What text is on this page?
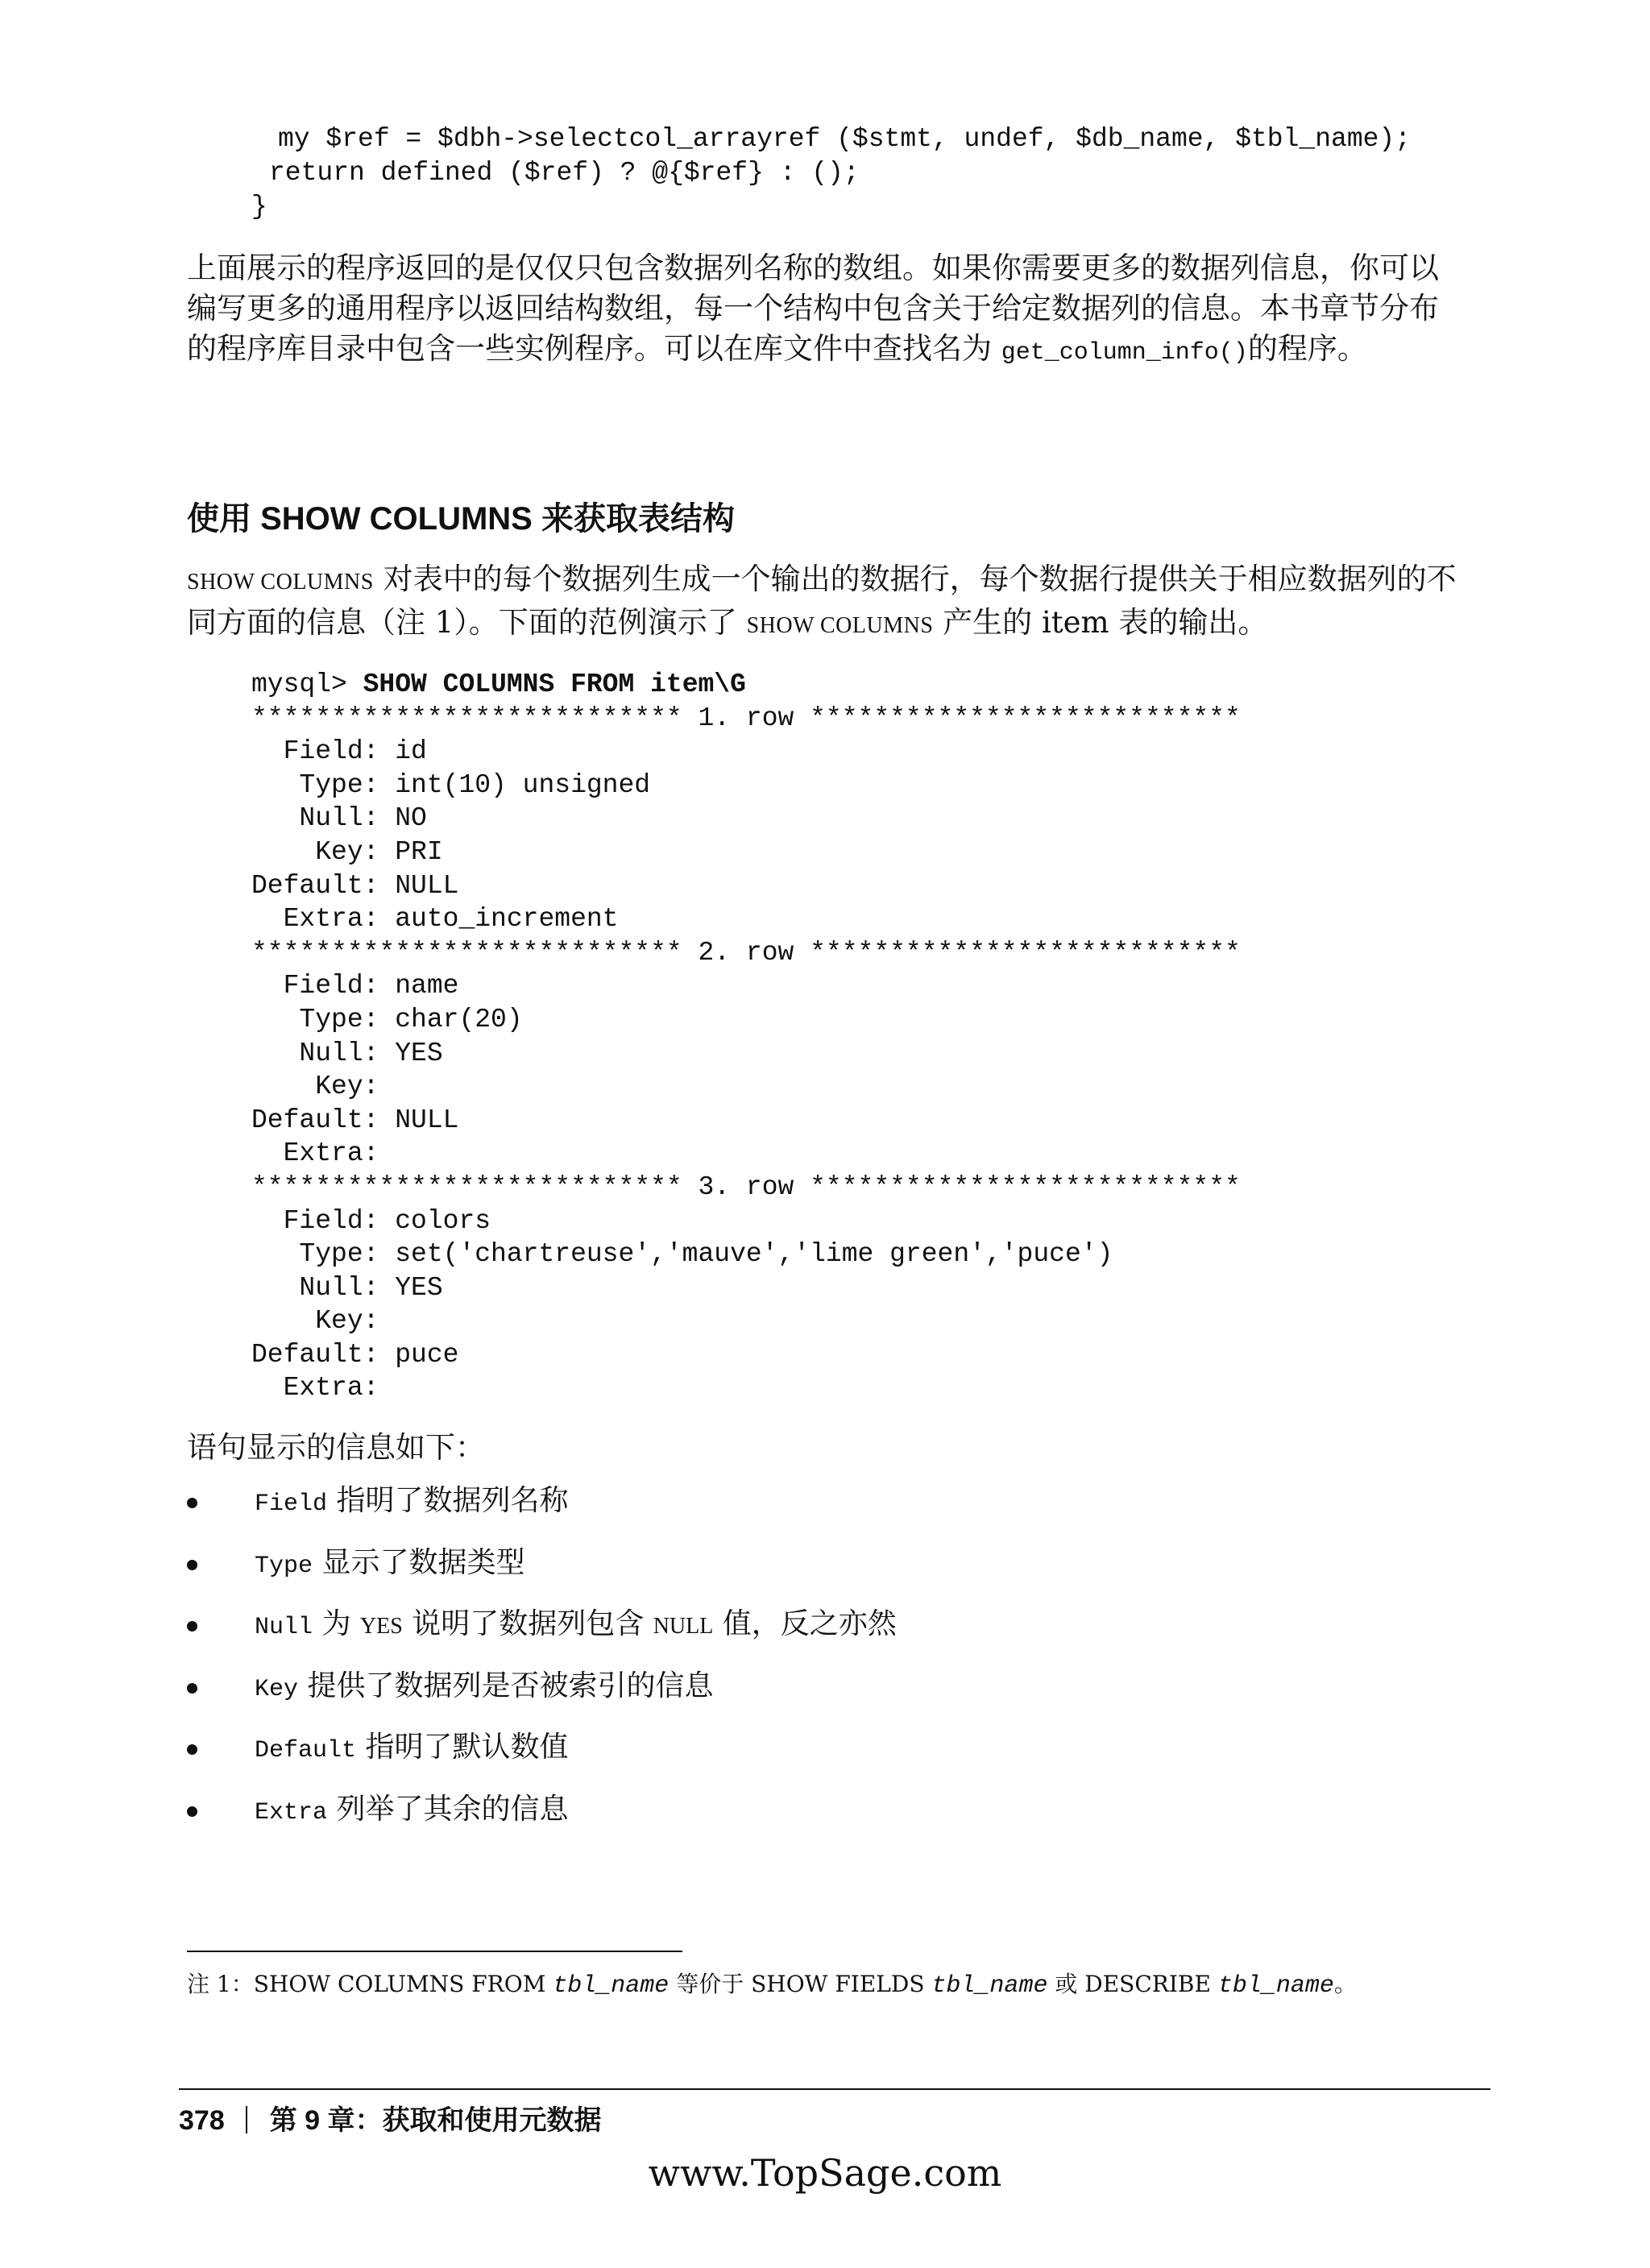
my $ref = $dbh->selectcol_arrayref ($stmt, undef, $db_name, $tbl_name);

return defined ($ref) ? @{$ref} : ();

}
上面展示的程序返回的是仅仅只包含数据列名称的数组。如果你需要更多的数据列信息，你可以编写更多的通用程序以返回结构数组，每一个结构中包含关于给定数据列的信息。本书章节分布的程序库目录中包含一些实例程序。可以在库文件中查找名为 get_column_info()的程序。
使用 SHOW COLUMNS 来获取表结构
SHOW COLUMNS 对表中的每个数据列生成一个输出的数据行，每个数据行提供关于相应数据列的不同方面的信息（注 1）。下面的范例演示了 SHOW COLUMNS 产生的 item 表的输出。
mysql> SHOW COLUMNS FROM item\G
*************************** 1. row ***************************
Field: id
Type: int(10) unsigned
Null: NO
Key: PRI
Default: NULL
Extra: auto_increment
*************************** 2. row ***************************
Field: name
Type: char(20)
Null: YES
Key:
Default: NULL
Extra:
*************************** 3. row ***************************
Field: colors
Type: set('chartreuse','mauve','lime green','puce')
Null: YES
Key:
Default: puce
Extra:
语句显示的信息如下：
Field 指明了数据列名称
Type 显示了数据类型
Null 为 YES 说明了数据列包含 NULL 值，反之亦然
Key 提供了数据列是否被索引的信息
Default 指明了默认数值
Extra 列举了其余的信息
注 1：SHOW COLUMNS FROM tbl_name 等价于 SHOW FIELDS tbl_name 或 DESCRIBE tbl_name。
378 第 9 章：获取和使用元数据
www.TopSage.com
